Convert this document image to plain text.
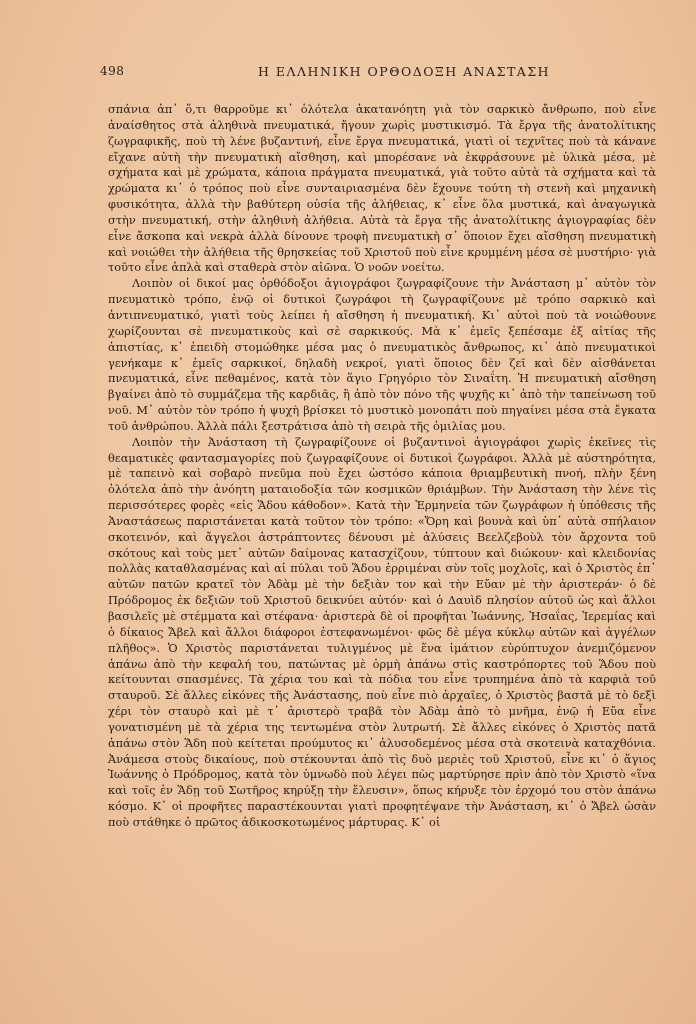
498	Η ΕΛΛΗΝΙΚΗ ΟΡΘΟΔΟΞΗ ΑΝΑΣΤΑΣΗ

σπάνια ἀπ᾽ ὅ,τι θαρροῦμε κι᾽ ὁλότελα ἀκατανόητη γιὰ τὸν σαρκικὸ ἄνθρωπο, ποὺ εἶνε ἀναίσθητος στὰ ἀληθινὰ πνευματικά, ἤγουν χωρὶς μυστικισμό. Τὰ ἔργα τῆς ἀνατολίτικης ζωγραφικῆς, ποὺ τὴ λένε βυζαντινή, εἶνε ἔργα πνευματικά, γιατὶ οἱ τεχνῖτες ποὺ τὰ κάνανε εἴχανε αὐτὴ τὴν πνευματικὴ αἴσθηση, καὶ μπορέσανε νὰ ἐκφράσουνε μὲ ὑλικὰ μέσα, μὲ σχήματα καὶ μὲ χρώματα, κάποια πράγματα πνευματικά, γιὰ τοῦτο αὐτὰ τὰ σχήματα καὶ τὰ χρώματα κι᾽ ὁ τρόπος ποὺ εἶνε συνταιριασμένα δὲν ἔχουνε τούτη τὴ στενὴ καὶ μηχανικὴ φυσικότητα, ἀλλὰ τὴν βαθύτερη οὐσία τῆς ἀλήθειας, κ᾽ εἶνε ὅλα μυστικά, καὶ ἀναγωγικὰ στὴν πνευματική, στὴν ἀληθινὴ ἀλήθεια. Αὐτὰ τὰ ἔργα τῆς ἀνατολίτικης ἁγιογραφίας δὲν εἶνε ἄσκοπα καὶ νεκρὰ ἀλλὰ δίνουνε τροφὴ πνευματικὴ σ᾽ ὅποιον ἔχει αἴσθηση πνευματικὴ καὶ νοιώθει τὴν ἀλήθεια τῆς θρησκείας τοῦ Χριστοῦ ποὺ εἶνε κρυμμένη μέσα σὲ μυστήριο· γιὰ τοῦτο εἶνε ἁπλὰ καὶ σταθερὰ στὸν αἰῶνα. Ὁ νοῶν νοείτω.

Λοιπὸν οἱ δικοί μας ὀρθόδοξοι ἁγιογράφοι ζωγραφίζουνε τὴν Ἀνάσταση μ᾽ αὐτὸν τὸν πνευματικὸ τρόπο, ἐνῷ οἱ δυτικοὶ ζωγράφοι τὴ ζωγραφίζουνε μὲ τρόπο σαρκικὸ καὶ ἀντιπνευματικό, γιατὶ τοὺς λείπει ἡ αἴσθηση ἡ πνευματική. Κι᾽ αὐτοὶ ποὺ τὰ νοιώθουνε χωρίζουνται σὲ πνευματικοὺς καὶ σὲ σαρκικούς. Μὰ κ᾽ ἐμεῖς ξεπέσαμε ἐξ αἰτίας τῆς ἀπιστίας, κ᾽ ἐπειδὴ στομώθηκε μέσα μας ὁ πνευματικὸς ἄνθρωπος, κι᾽ ἀπὸ πνευματικοὶ γενήκαμε κ᾽ ἐμεῖς σαρκικοί, δηλαδὴ νεκροί, γιατὶ ὅποιος δὲν ζεῖ καὶ δὲν αἰσθάνεται πνευματικά, εἶνε πεθαμένος, κατὰ τὸν ἅγιο Γρηγόριο τὸν Σιναΐτη. Ἡ πνευματικὴ αἴσθηση βγαίνει ἀπὸ τὸ συμμάζεμα τῆς καρδιᾶς, ἢ ἀπὸ τὸν πόνο τῆς ψυχῆς κι᾽ ἀπὸ τὴν ταπείνωση τοῦ νοῦ. Μ᾽ αὐτὸν τὸν τρόπο ἡ ψυχὴ βρίσκει τὸ μυστικὸ μονοπάτι ποὺ πηγαίνει μέσα στὰ ἔγκατα τοῦ ἀνθρώπου. Ἀλλὰ πάλι ξεστράτισα ἀπὸ τὴ σειρὰ τῆς ὁμιλίας μου.

Λοιπὸν τὴν Ἀνάσταση τὴ ζωγραφίζουνε οἱ βυζαντινοὶ ἁγιογράφοι χωρὶς ἐκεῖνες τὶς θεαματικὲς φαντασμαγορίες ποὺ ζωγραφίζουνε οἱ δυτικοὶ ζωγράφοι. Ἀλλὰ μὲ αὐστηρότητα, μὲ ταπεινὸ καὶ σοβαρὸ πνεῦμα ποὺ ἔχει ὡστόσο κάποια θριαμβευτικὴ πνοή, πλὴν ξένη ὁλότελα ἀπὸ τὴν ἀνόητη ματαιοδοξία τῶν κοσμικῶν θριάμβων. Τὴν Ἀνάσταση τὴν λένε τὶς περισσότερες φορὲς «εἰς Ἅδου κάθοδον». Κατὰ τὴν Ἑρμηνεία τῶν ζωγράφων ἡ ὑπόθεσις τῆς Ἀναστάσεως παριστάνεται κατὰ τοῦτον τὸν τρόπο: «Ὄρη καὶ βουνὰ καὶ ὑπ᾽ αὐτὰ σπήλαιον σκοτεινόν, καὶ ἄγγελοι ἀστράπτοντες δένουσι μὲ ἁλύσεις Βεελζεβοὺλ τὸν ἄρχοντα τοῦ σκότους καὶ τοὺς μετ᾽ αὐτῶν δαίμονας κατασχίζουν, τύπτουν καὶ διώκουν· καὶ κλειδονίας πολλὰς καταθλασμένας καὶ αἱ πύλαι τοῦ Ἅδου ἐρριμέναι σὺν τοῖς μοχλοῖς, καὶ ὁ Χριστὸς ἐπ᾽ αὐτῶν πατῶν κρατεῖ τὸν Ἀδὰμ μὲ τὴν δεξιὰν τον καὶ τὴν Εὔαν μὲ τὴν ἀριστεράν· ὁ δὲ Πρόδρομος ἐκ δεξιῶν τοῦ Χριστοῦ δεικνύει αὐτόν· καὶ ὁ Δαυὶδ πλησίον αὐτοῦ ὡς καὶ ἄλλοι βασιλεῖς μὲ στέμματα καὶ στέφανα· ἀριστερὰ δὲ οἱ προφῆται Ἰωάννης, Ἠσαΐας, Ἱερεμίας καὶ ὁ δίκαιος Ἄβελ καὶ ἄλλοι διάφοροι ἐστεφανωμένοι· φῶς δὲ μέγα κύκλῳ αὐτῶν καὶ ἀγγέλων πλῆθος». Ὁ Χριστὸς παριστάνεται τυλιγμένος μὲ ἕνα ἱμάτιον εὐρύπτυχον ἀνεμιζόμενον ἀπάνω ἀπὸ τὴν κεφαλή του, πατώντας μὲ ὁρμὴ ἀπάνω στὶς καστρόπορτες τοῦ Ἅδου ποὺ κείτουνται σπασμένες. Τὰ χέρια του καὶ τὰ πόδια του εἶνε τρυπημένα ἀπὸ τὰ καρφιὰ τοῦ σταυροῦ. Σὲ ἄλλες εἰκόνες τῆς Ἀνάστασης, ποὺ εἶνε πιὸ ἀρχαῖες, ὁ Χριστὸς βαστᾶ μὲ τὸ δεξὶ χέρι τὸν σταυρὸ καὶ μὲ τ᾽ ἀριστερὸ τραβᾶ τὸν Ἀδὰμ ἀπὸ τὸ μνῆμα, ἐνῷ ἡ Εὔα εἶνε γονατισμένη μὲ τὰ χέρια της τεντωμένα στὸν λυτρωτή. Σὲ ἄλλες εἰκόνες ὁ Χριστὸς πατᾶ ἀπάνω στὸν Ἅδη ποὺ κείτεται προύμυτος κι᾽ ἁλυσοδεμένος μέσα στὰ σκοτεινὰ καταχθόνια. Ἀνάμεσα στοὺς δικαίους, ποὺ στέκουνται ἀπὸ τὶς δυὸ μεριὲς τοῦ Χριστοῦ, εἶνε κι᾽ ὁ ἅγιος Ἰωάννης ὁ Πρόδρομος, κατὰ τὸν ὑμνωδὸ ποὺ λέγει πὼς μαρτύρησε πρὶν ἀπὸ τὸν Χριστὸ «ἵνα καὶ τοῖς ἐν Ἅδῃ τοῦ Σωτῆρος κηρύξῃ τὴν ἔλευσιν», ὅπως κήρυξε τὸν ἐρχομό του στὸν ἀπάνω κόσμο. Κ᾽ οἱ προφῆτες παραστέκουνται γιατὶ προφητέψανε τὴν Ἀνάσταση, κι᾽ ὁ Ἄβελ ὡσὰν ποὺ στάθηκε ὁ πρῶτος ἀδικοσκοτωμένος μάρτυρας. Κ᾽ οἱ
